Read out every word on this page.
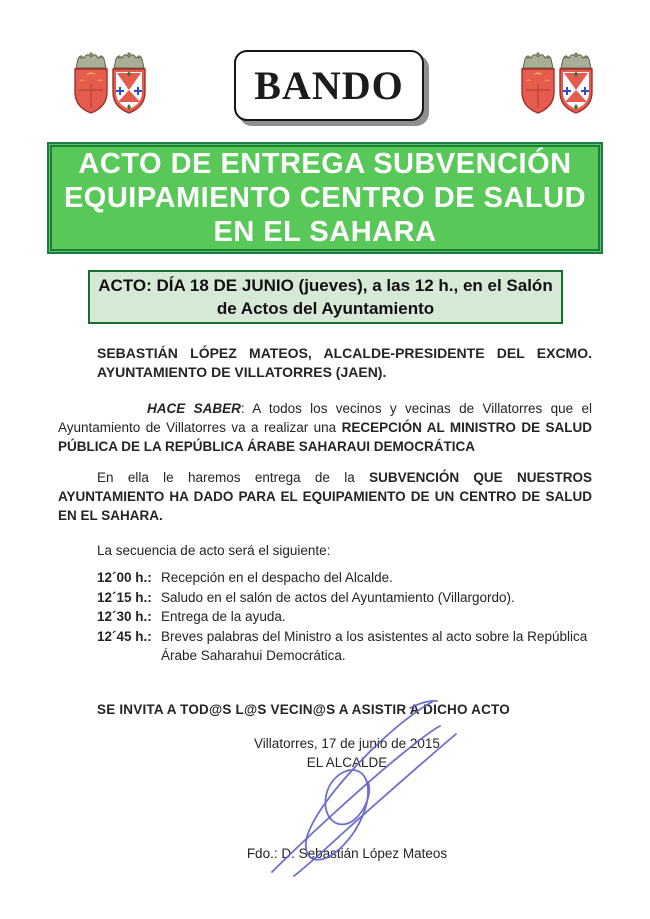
BANDO
ACTO DE ENTREGA SUBVENCIÓN
EQUIPAMIENTO CENTRO DE SALUD
EN EL SAHARA
ACTO: DÍA 18 DE JUNIO (jueves), a las 12 h., en el Salón
de Actos del Ayuntamiento

SEBASTIÁN LÓPEZ MATEOS, ALCALDE-PRESIDENTE DEL EXCMO. AYUNTAMIENTO DE VILLATORRES (JAEN).

HACE SABER: A todos los vecinos y vecinas de Villatorres que el Ayuntamiento de Villatorres va a realizar una RECEPCIÓN AL MINISTRO DE SALUD PÚBLICA DE LA REPÚBLICA ÁRABE SAHARAUI DEMOCRÁTICA

En ella le haremos entrega de la SUBVENCIÓN QUE NUESTROS AYUNTAMIENTO HA DADO PARA EL EQUIPAMIENTO DE UN CENTRO DE SALUD EN EL SAHARA.

La secuencia de acto será el siguiente:

12´00 h.: Recepción en el despacho del Alcalde.
12´15 h.: Saludo en el salón de actos del Ayuntamiento (Villargordo).
12´30 h.: Entrega de la ayuda.
12´45 h.: Breves palabras del Ministro a los asistentes al acto sobre la República Árabe Saharahui Democrática.

SE INVITA A TOD@S L@S VECIN@S A ASISTIR A DICHO ACTO

Villatorres, 17 de junio de 2015
EL ALCALDE
Fdo.: D. Sebastián López Mateos
